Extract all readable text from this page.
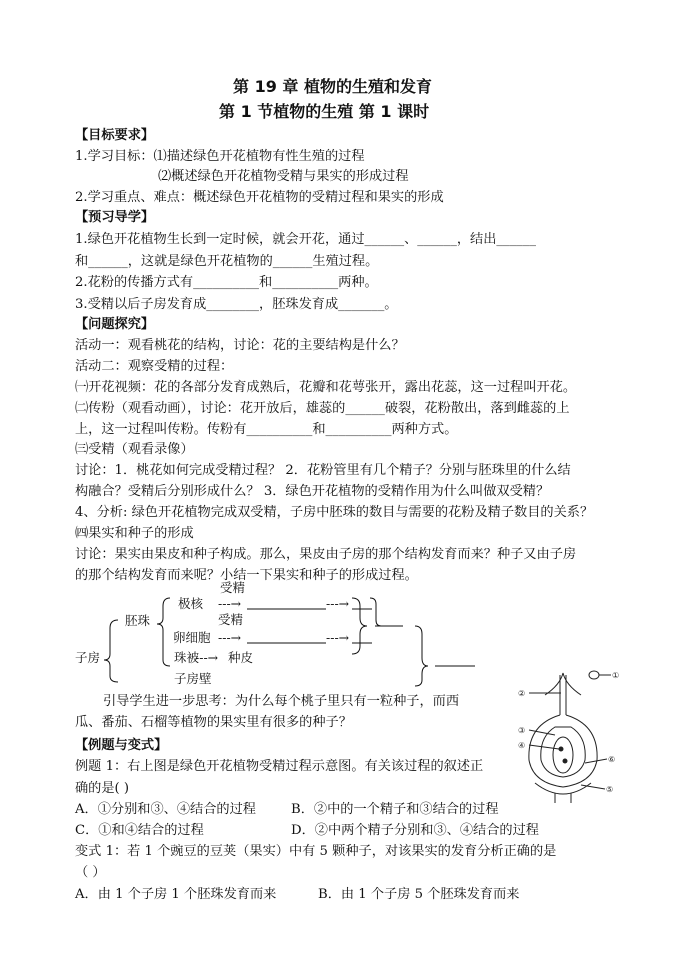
第 19 章 植物的生殖和发育
第 1 节植物的生殖 第 1 课时
【目标要求】
1.学习目标：⑴描述绿色开花植物有性生殖的过程
⑵概述绿色开花植物受精与果实的形成过程
2.学习重点、难点：概述绿色开花植物的受精过程和果实的形成
【预习导学】
1.绿色开花植物生长到一定时候，就会开花，通过______、______，结出______
和______，这就是绿色开花植物的______生殖过程。
2.花粉的传播方式有__________和__________两种。
3.受精以后子房发育成________，胚珠发育成_______。
【问题探究】
活动一：观看桃花的结构，讨论：花的主要结构是什么？
活动二：观察受精的过程：
㈠开花视频：花的各部分发育成熟后，花瓣和花萼张开，露出花蕊，这一过程叫开花。
㈡传粉（观看动画），讨论：花开放后，雄蕊的______破裂，花粉散出，落到雌蕊的上
上，这一过程叫传粉。传粉有__________和__________两种方式。
㈢受精（观看录像）
讨论：1．桃花如何完成受精过程？ 2．花粉管里有几个精子？分别与胚珠里的什么结
构融合？受精后分别形成什么？ 3．绿色开花植物的受精作用为什么叫做双受精？
4、分析: 绿色开花植物完成双受精，子房中胚珠的数目与需要的花粉及精子数目的关系？
㈣果实和种子的形成
讨论：果实由果皮和种子构成。那么，果皮由子房的那个结构发育而来？种子又由子房
的那个结构发育而来呢？小结一下果实和种子的形成过程。
受精
极核 ---→	---→
胚珠	受精
卵细胞 ---→	---→
珠被
---→ 种皮
子房
子房壁	①
②
③
④
⑥
⑤
引导学生进一步思考：为什么每个桃子里只有一粒种子，而西
瓜、番茄、石榴等植物的果实里有很多的种子？
【例题与变式】
例题 1：右上图是绿色开花植物受精过程示意图。有关该过程的叙述正
确的是( )
A．①分别和③、④结合的过程	B．②中的一个精子和③结合的过程
C．①和④结合的过程	D．②中两个精子分别和③、④结合的过程
变式 1：若 1 个豌豆的豆荚（果实）中有 5 颗种子，对该果实的发育分析正确的是
（ ）
A．由 1 个子房 1 个胚珠发育而来	B．由 1 个子房 5 个胚珠发育而来
